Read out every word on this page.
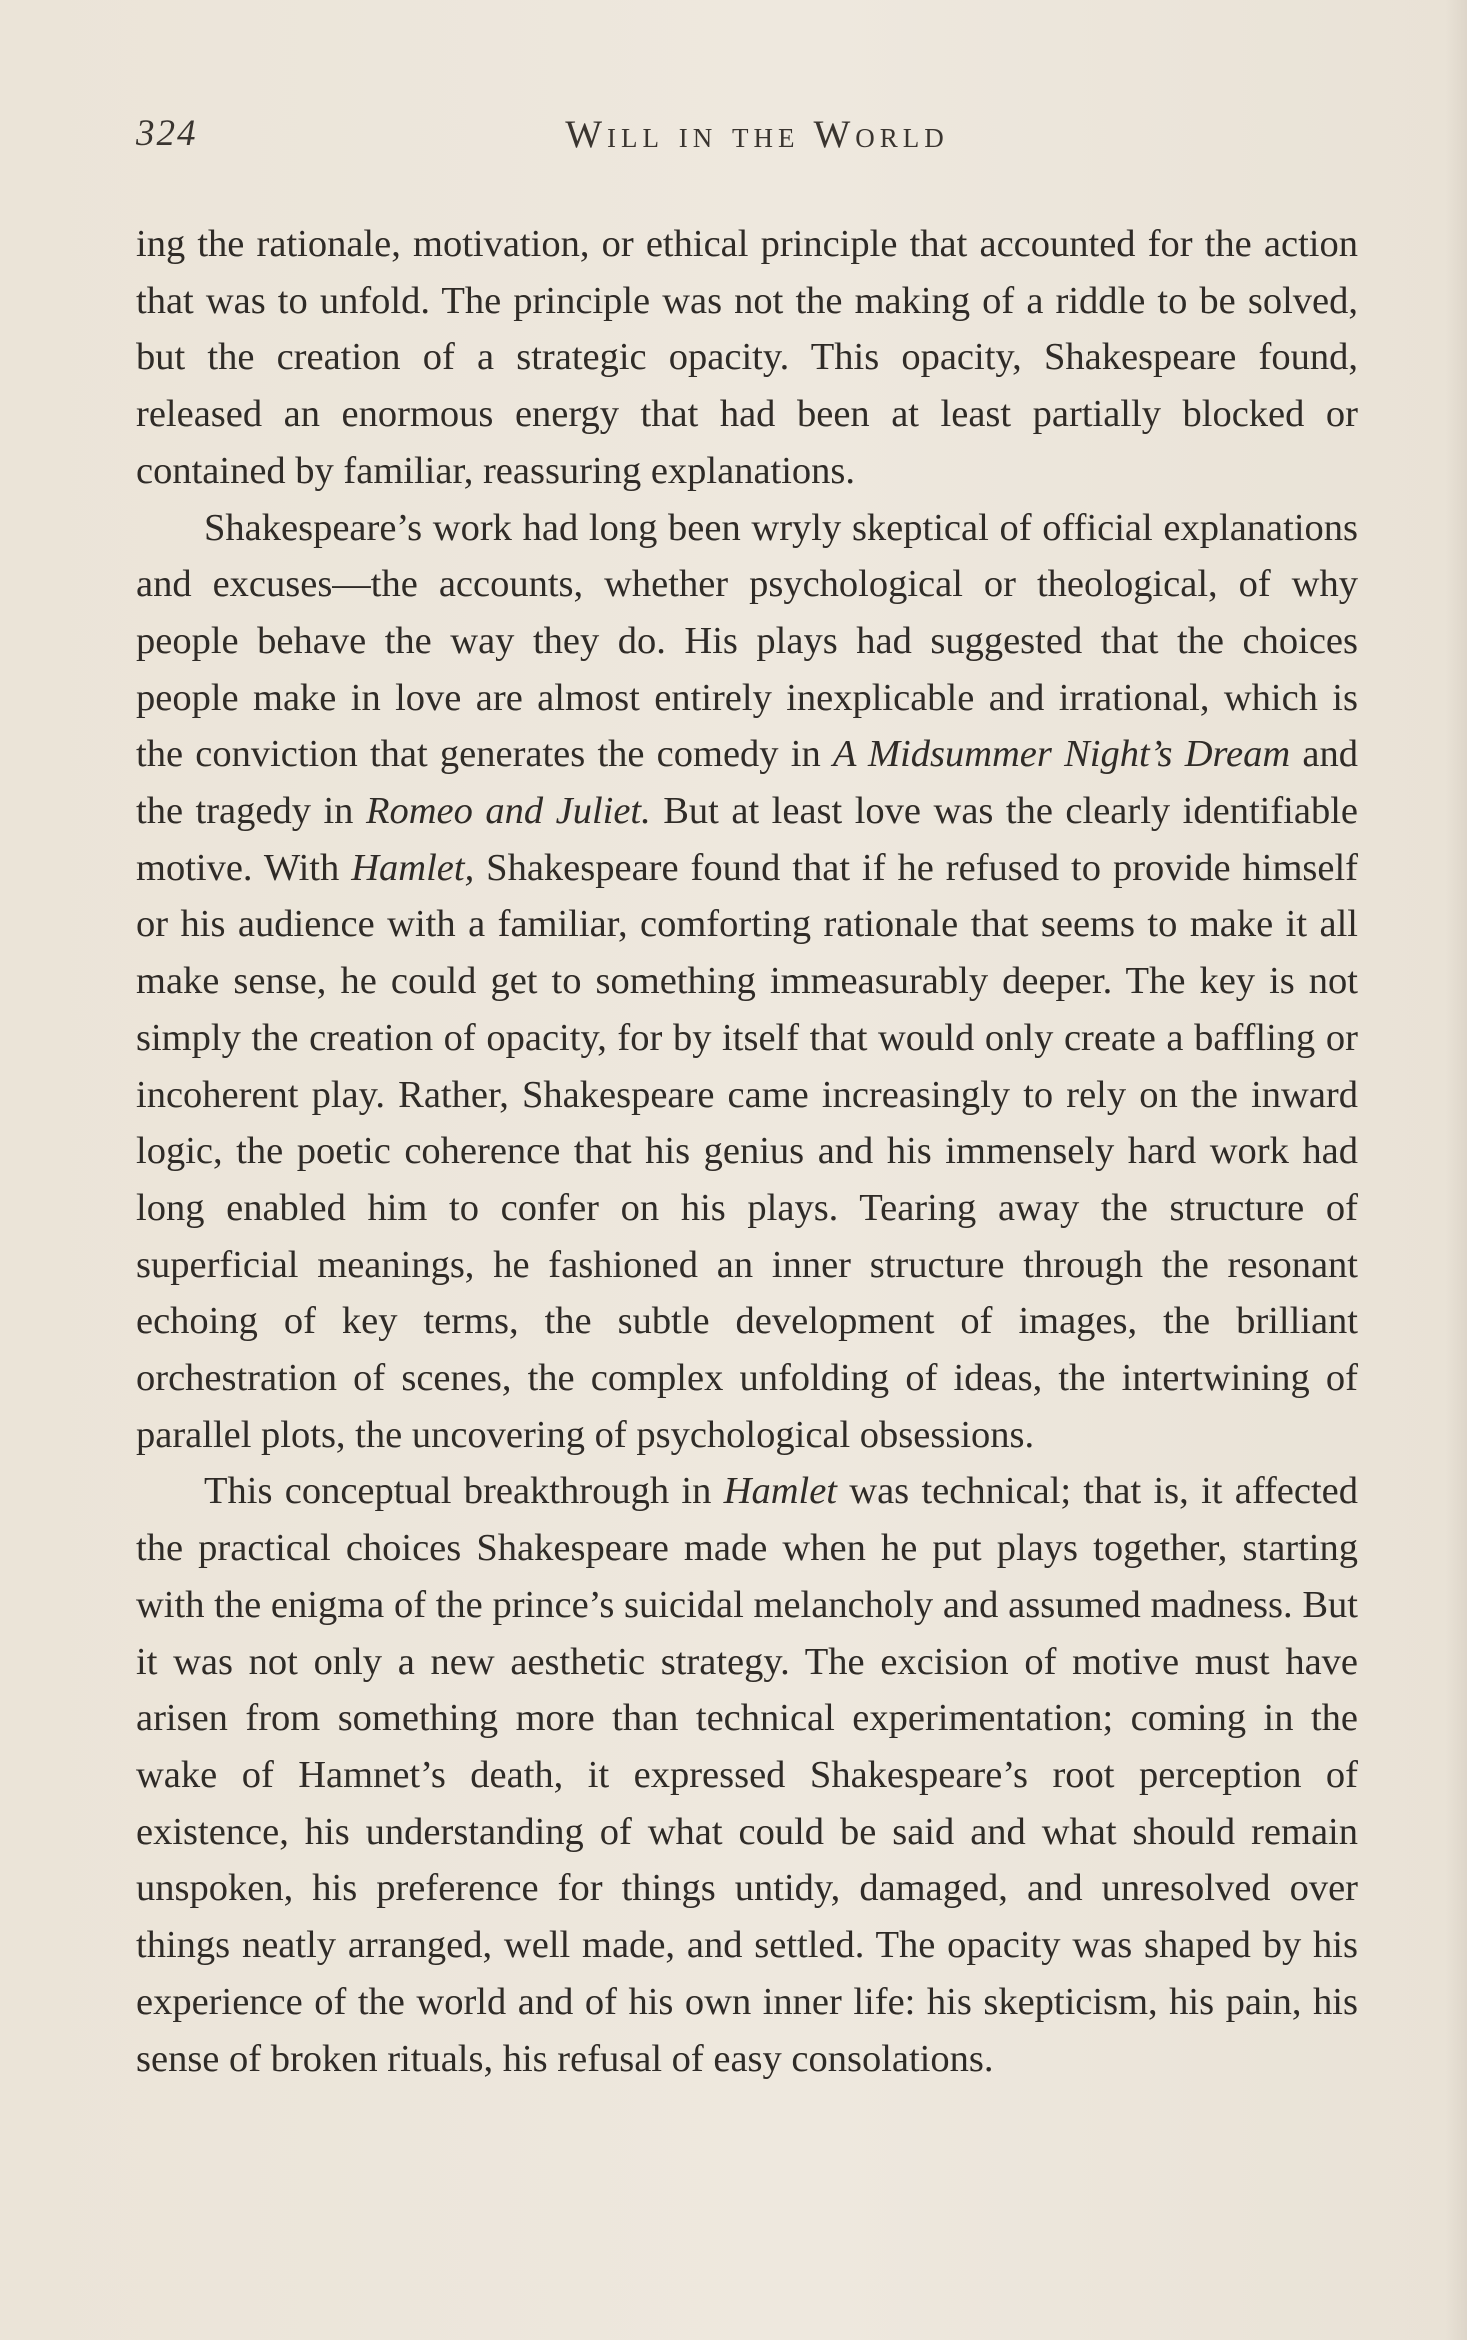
324	Will in the World

ing the rationale, motivation, or ethical principle that accounted for the action that was to unfold. The principle was not the making of a riddle to be solved, but the creation of a strategic opacity. This opacity, Shakespeare found, released an enormous energy that had been at least partially blocked or contained by familiar, reassuring explanations.

Shakespeare’s work had long been wryly skeptical of official explanations and excuses—the accounts, whether psychological or theological, of why people behave the way they do. His plays had suggested that the choices people make in love are almost entirely inexplicable and irrational, which is the conviction that generates the comedy in A Midsummer Night’s Dream and the tragedy in Romeo and Juliet. But at least love was the clearly identifiable motive. With Hamlet, Shakespeare found that if he refused to provide himself or his audience with a familiar, comforting rationale that seems to make it all make sense, he could get to something immeasurably deeper. The key is not simply the creation of opacity, for by itself that would only create a baffling or incoherent play. Rather, Shakespeare came increasingly to rely on the inward logic, the poetic coherence that his genius and his immensely hard work had long enabled him to confer on his plays. Tearing away the structure of superficial meanings, he fashioned an inner structure through the resonant echoing of key terms, the subtle development of images, the brilliant orchestration of scenes, the complex unfolding of ideas, the intertwining of parallel plots, the uncovering of psychological obsessions.

This conceptual breakthrough in Hamlet was technical; that is, it affected the practical choices Shakespeare made when he put plays together, starting with the enigma of the prince’s suicidal melancholy and assumed madness. But it was not only a new aesthetic strategy. The excision of motive must have arisen from something more than technical experimentation; coming in the wake of Hamnet’s death, it expressed Shakespeare’s root perception of existence, his understanding of what could be said and what should remain unspoken, his preference for things untidy, damaged, and unresolved over things neatly arranged, well made, and settled. The opacity was shaped by his experience of the world and of his own inner life: his skepticism, his pain, his sense of broken rituals, his refusal of easy consolations.
